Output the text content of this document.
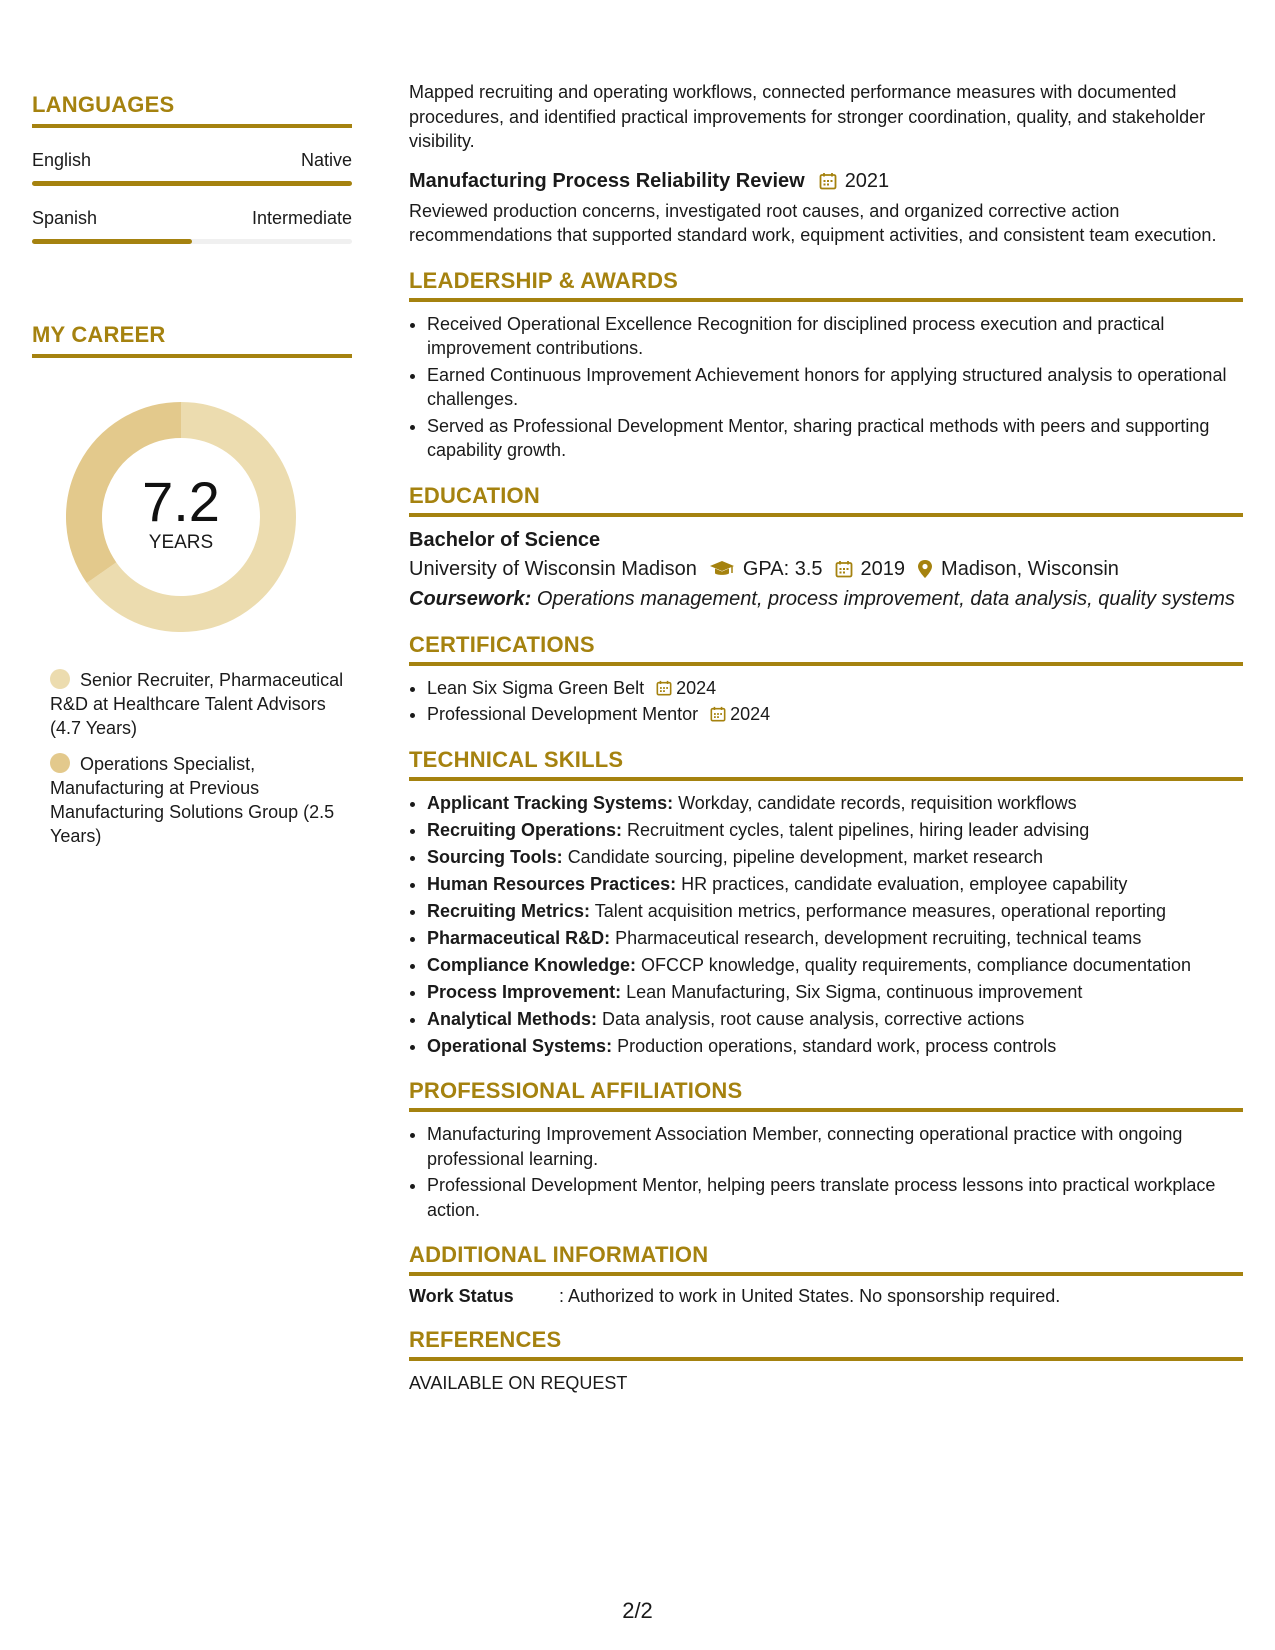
LANGUAGES
English	Native
Spanish	Intermediate
MY CAREER
7.2
YEARS
Senior Recruiter, Pharmaceutical R&D at Healthcare Talent Advisors (4.7 Years)
Operations Specialist, Manufacturing at Previous Manufacturing Solutions Group (2.5 Years)

Mapped recruiting and operating workflows, connected performance measures with documented procedures, and identified practical improvements for stronger coordination, quality, and stakeholder visibility.

Manufacturing Process Reliability Review 2021

Reviewed production concerns, investigated root causes, and organized corrective action recommendations that supported standard work, equipment activities, and consistent team execution.

LEADERSHIP & AWARDS
• Received Operational Excellence Recognition for disciplined process execution and practical improvement contributions.
• Earned Continuous Improvement Achievement honors for applying structured analysis to operational challenges.
• Served as Professional Development Mentor, sharing practical methods with peers and supporting capability growth.
EDUCATION
Bachelor of Science
University of Wisconsin Madison GPA: 3.5 2019 Madison, Wisconsin
Coursework: Operations management, process improvement, data analysis, quality systems
CERTIFICATIONS
• Lean Six Sigma Green Belt 2024
• Professional Development Mentor 2024
TECHNICAL SKILLS
• Applicant Tracking Systems: Workday, candidate records, requisition workflows
• Recruiting Operations: Recruitment cycles, talent pipelines, hiring leader advising
• Sourcing Tools: Candidate sourcing, pipeline development, market research
• Human Resources Practices: HR practices, candidate evaluation, employee capability
• Recruiting Metrics: Talent acquisition metrics, performance measures, operational reporting
• Pharmaceutical R&D: Pharmaceutical research, development recruiting, technical teams
• Compliance Knowledge: OFCCP knowledge, quality requirements, compliance documentation
• Process Improvement: Lean Manufacturing, Six Sigma, continuous improvement
• Analytical Methods: Data analysis, root cause analysis, corrective actions
• Operational Systems: Production operations, standard work, process controls
PROFESSIONAL AFFILIATIONS
• Manufacturing Improvement Association Member, connecting operational practice with ongoing professional learning.
• Professional Development Mentor, helping peers translate process lessons into practical workplace action.
ADDITIONAL INFORMATION
Work Status	: Authorized to work in United States. No sponsorship required.
REFERENCES
AVAILABLE ON REQUEST
2/2
